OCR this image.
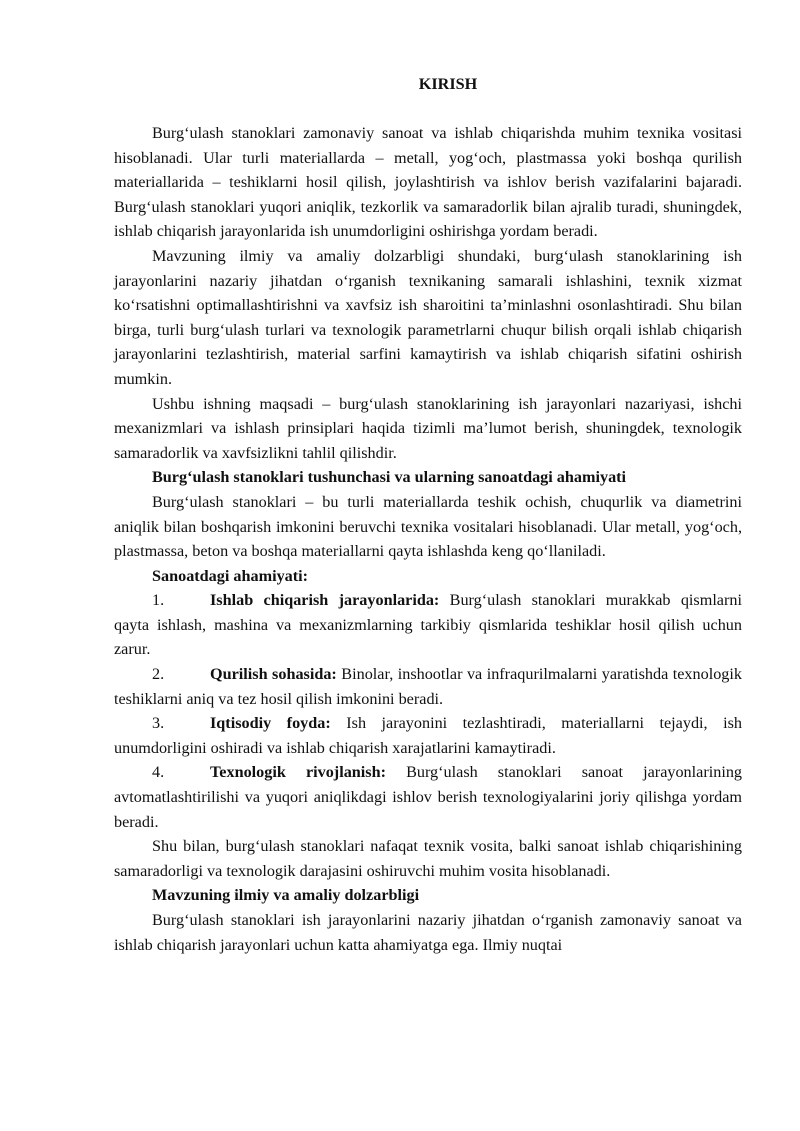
KIRISH

Burg‘ulash stanoklari zamonaviy sanoat va ishlab chiqarishda muhim texnika vositasi hisoblanadi. Ular turli materiallarda – metall, yog‘och, plastmassa yoki boshqa qurilish materiallarida – teshiklarni hosil qilish, joylashtirish va ishlov berish vazifalarini bajaradi. Burg‘ulash stanoklari yuqori aniqlik, tezkorlik va samaradorlik bilan ajralib turadi, shuningdek, ishlab chiqarish jarayonlarida ish unumdorligini oshirishga yordam beradi.

Mavzuning ilmiy va amaliy dolzarbligi shundaki, burg‘ulash stanoklarining ish jarayonlarini nazariy jihatdan o‘rganish texnikaning samarali ishlashini, texnik xizmat ko‘rsatishni optimallashtirishni va xavfsiz ish sharoitini ta’minlashni osonlashtiradi. Shu bilan birga, turli burg‘ulash turlari va texnologik parametrlarni chuqur bilish orqali ishlab chiqarish jarayonlarini tezlashtirish, material sarfini kamaytirish va ishlab chiqarish sifatini oshirish mumkin.

Ushbu ishning maqsadi – burg‘ulash stanoklarining ish jarayonlari nazariyasi, ishchi mexanizmlari va ishlash prinsiplari haqida tizimli ma’lumot berish, shuningdek, texnologik samaradorlik va xavfsizlikni tahlil qilishdir.

Burg‘ulash stanoklari tushunchasi va ularning sanoatdagi ahamiyati

Burg‘ulash stanoklari – bu turli materiallarda teshik ochish, chuqurlik va diametrini aniqlik bilan boshqarish imkonini beruvchi texnika vositalari hisoblanadi. Ular metall, yog‘och, plastmassa, beton va boshqa materiallarni qayta ishlashda keng qo‘llaniladi.

Sanoatdagi ahamiyati:

1.	Ishlab chiqarish jarayonlarida: Burg‘ulash stanoklari murakkab qismlarni qayta ishlash, mashina va mexanizmlarning tarkibiy qismlarida teshiklar hosil qilish uchun zarur.

2.	Qurilish sohasida: Binolar, inshootlar va infraqurilmalarni yaratishda texnologik teshiklarni aniq va tez hosil qilish imkonini beradi.

3.	Iqtisodiy foyda: Ish jarayonini tezlashtiradi, materiallarni tejaydi, ish unumdorligini oshiradi va ishlab chiqarish xarajatlarini kamaytiradi.

4.	Texnologik rivojlanish: Burg‘ulash stanoklari sanoat jarayonlarining avtomatlashtirilishi va yuqori aniqlikdagi ishlov berish texnologiyalarini joriy qilishga yordam beradi.

Shu bilan, burg‘ulash stanoklari nafaqat texnik vosita, balki sanoat ishlab chiqarishining samaradorligi va texnologik darajasini oshiruvchi muhim vosita hisoblanadi.

Mavzuning ilmiy va amaliy dolzarbligi

Burg‘ulash stanoklari ish jarayonlarini nazariy jihatdan o‘rganish zamonaviy sanoat va ishlab chiqarish jarayonlari uchun katta ahamiyatga ega. Ilmiy nuqtai
